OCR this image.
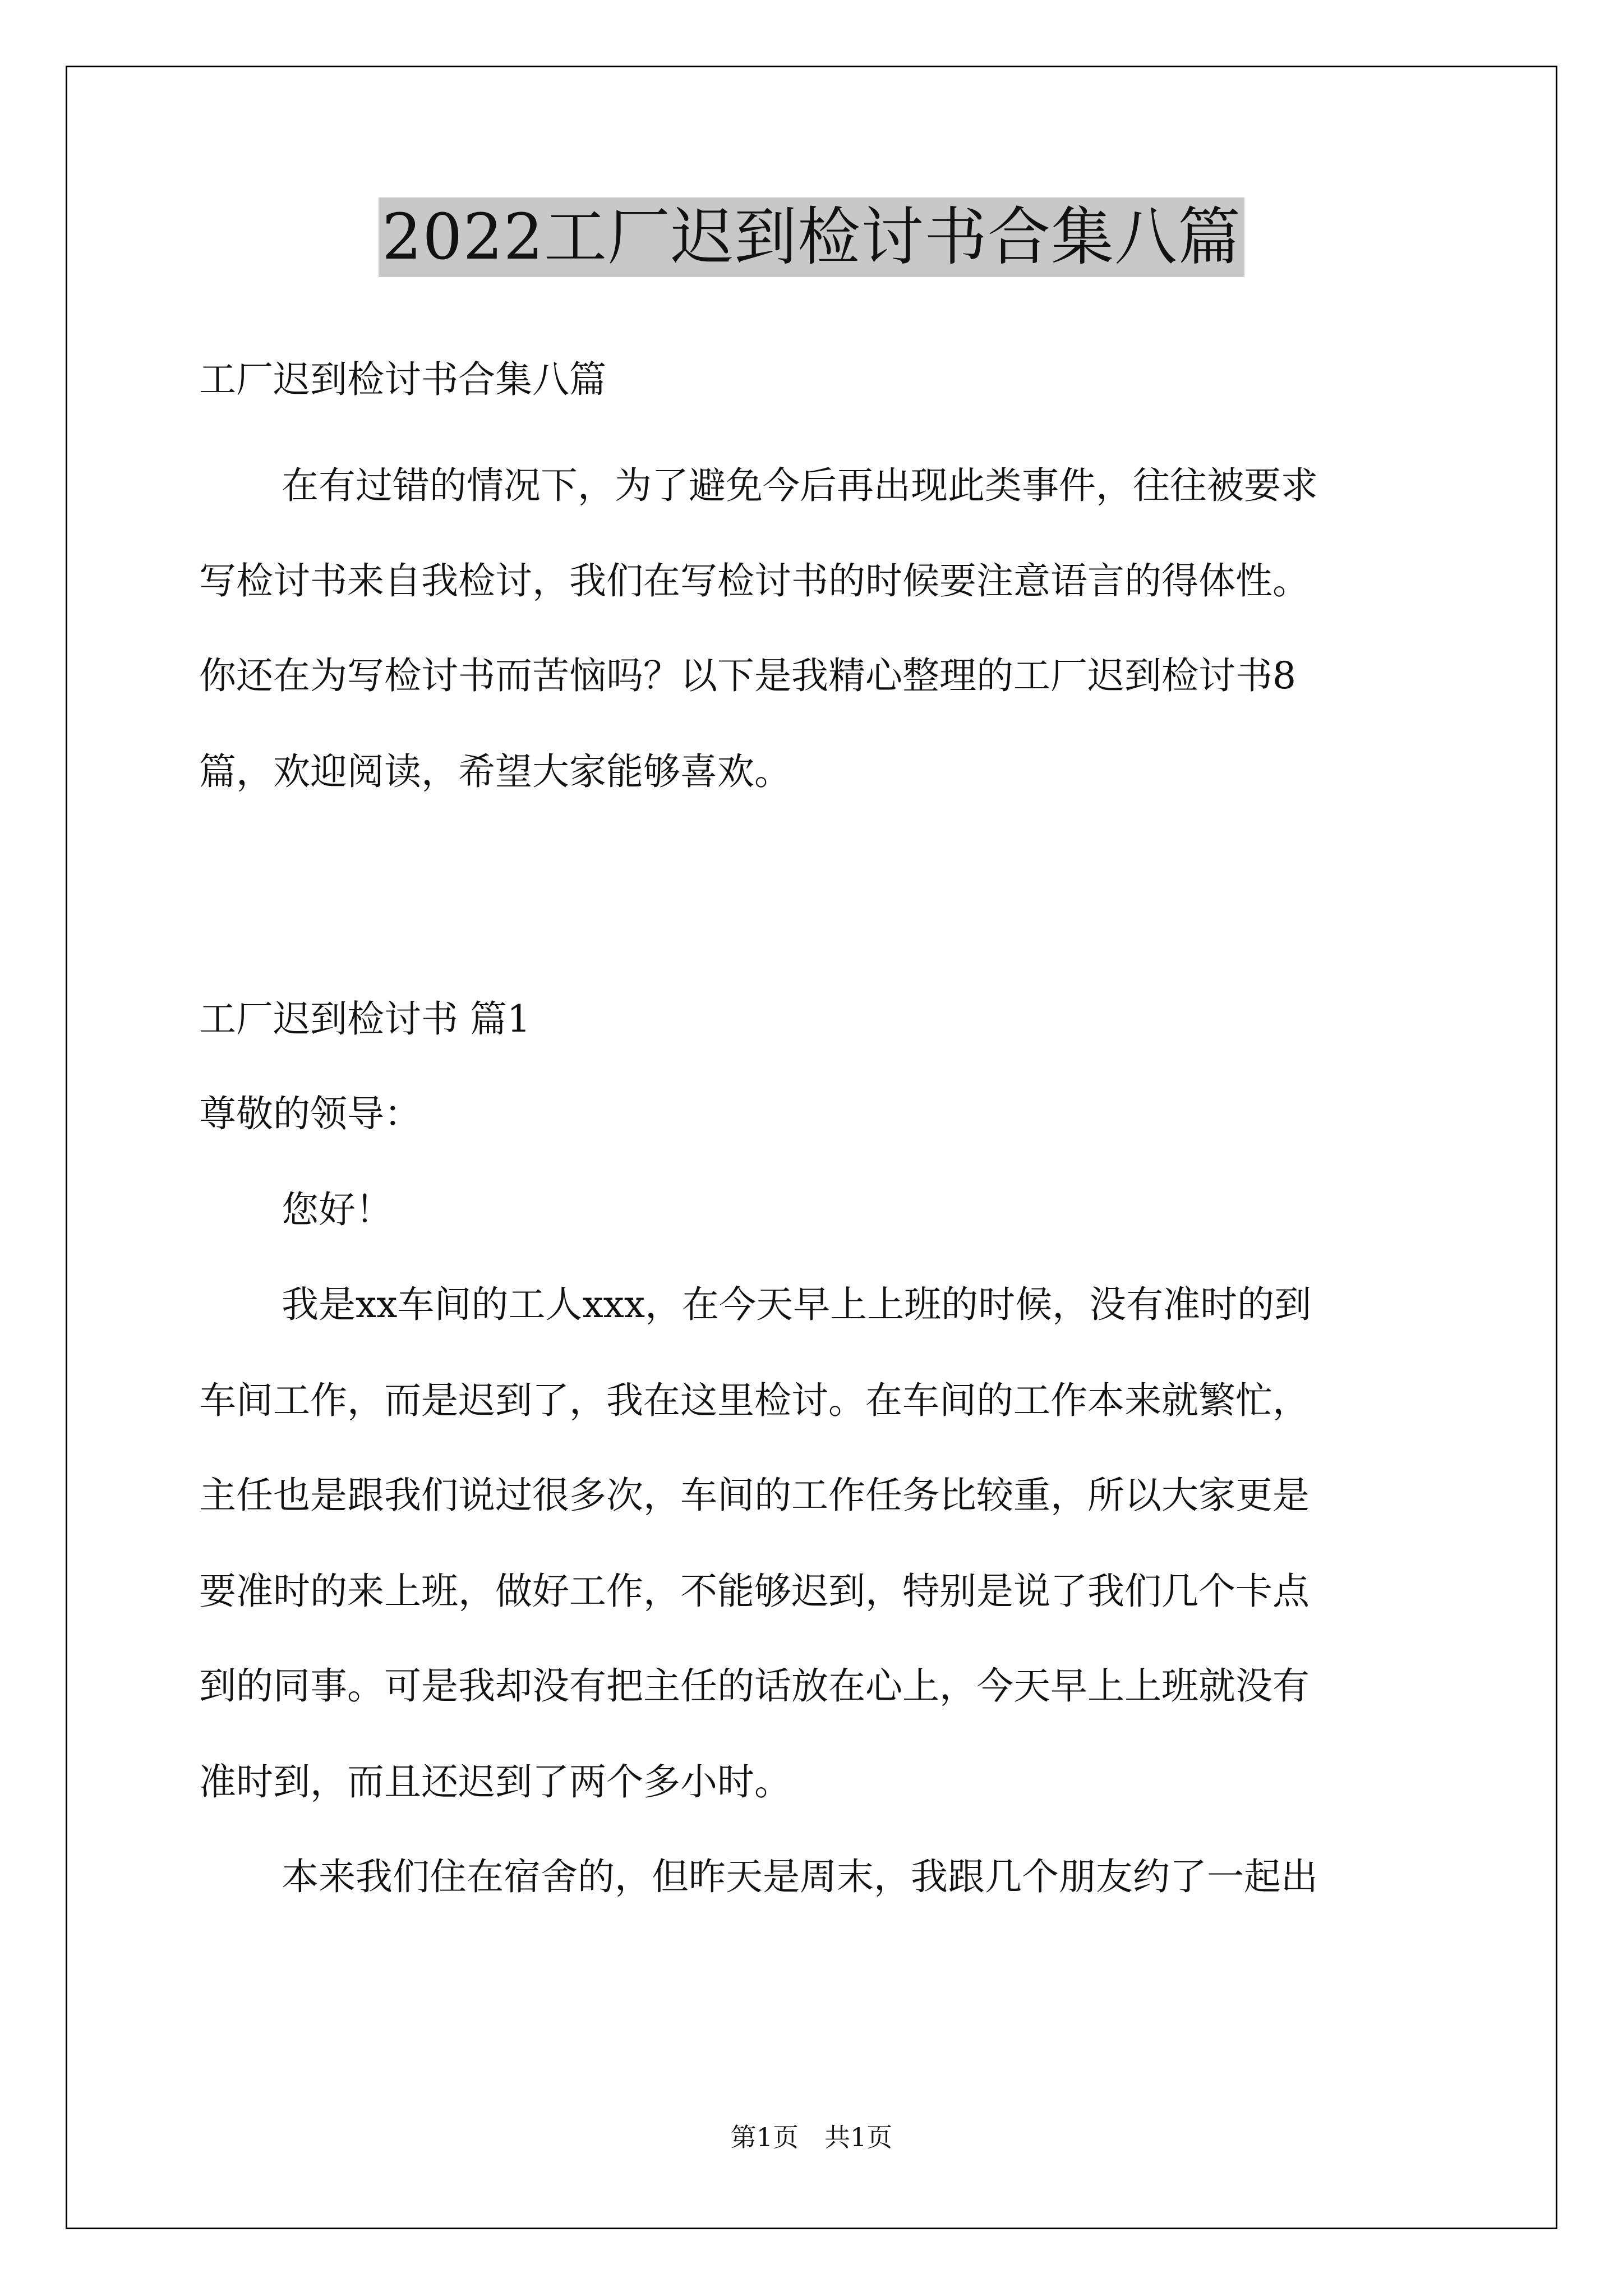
2022工厂迟到检讨书合集八篇
工厂迟到检讨书合集八篇
在有过错的情况下，为了避免今后再出现此类事件，往往被要求
写检讨书来自我检讨，我们在写检讨书的时候要注意语言的得体性。
你还在为写检讨书而苦恼吗？以下是我精心整理的工厂迟到检讨书8
篇，欢迎阅读，希望大家能够喜欢。
工厂迟到检讨书 篇1
尊敬的领导：
您好！
我是xx车间的工人xxx，在今天早上上班的时候，没有准时的到
车间工作，而是迟到了，我在这里检讨。在车间的工作本来就繁忙，
主任也是跟我们说过很多次，车间的工作任务比较重，所以大家更是
要准时的来上班，做好工作，不能够迟到，特别是说了我们几个卡点
到的同事。可是我却没有把主任的话放在心上，今天早上上班就没有
准时到，而且还迟到了两个多小时。
本来我们住在宿舍的，但昨天是周末，我跟几个朋友约了一起出
第1页　共1页
